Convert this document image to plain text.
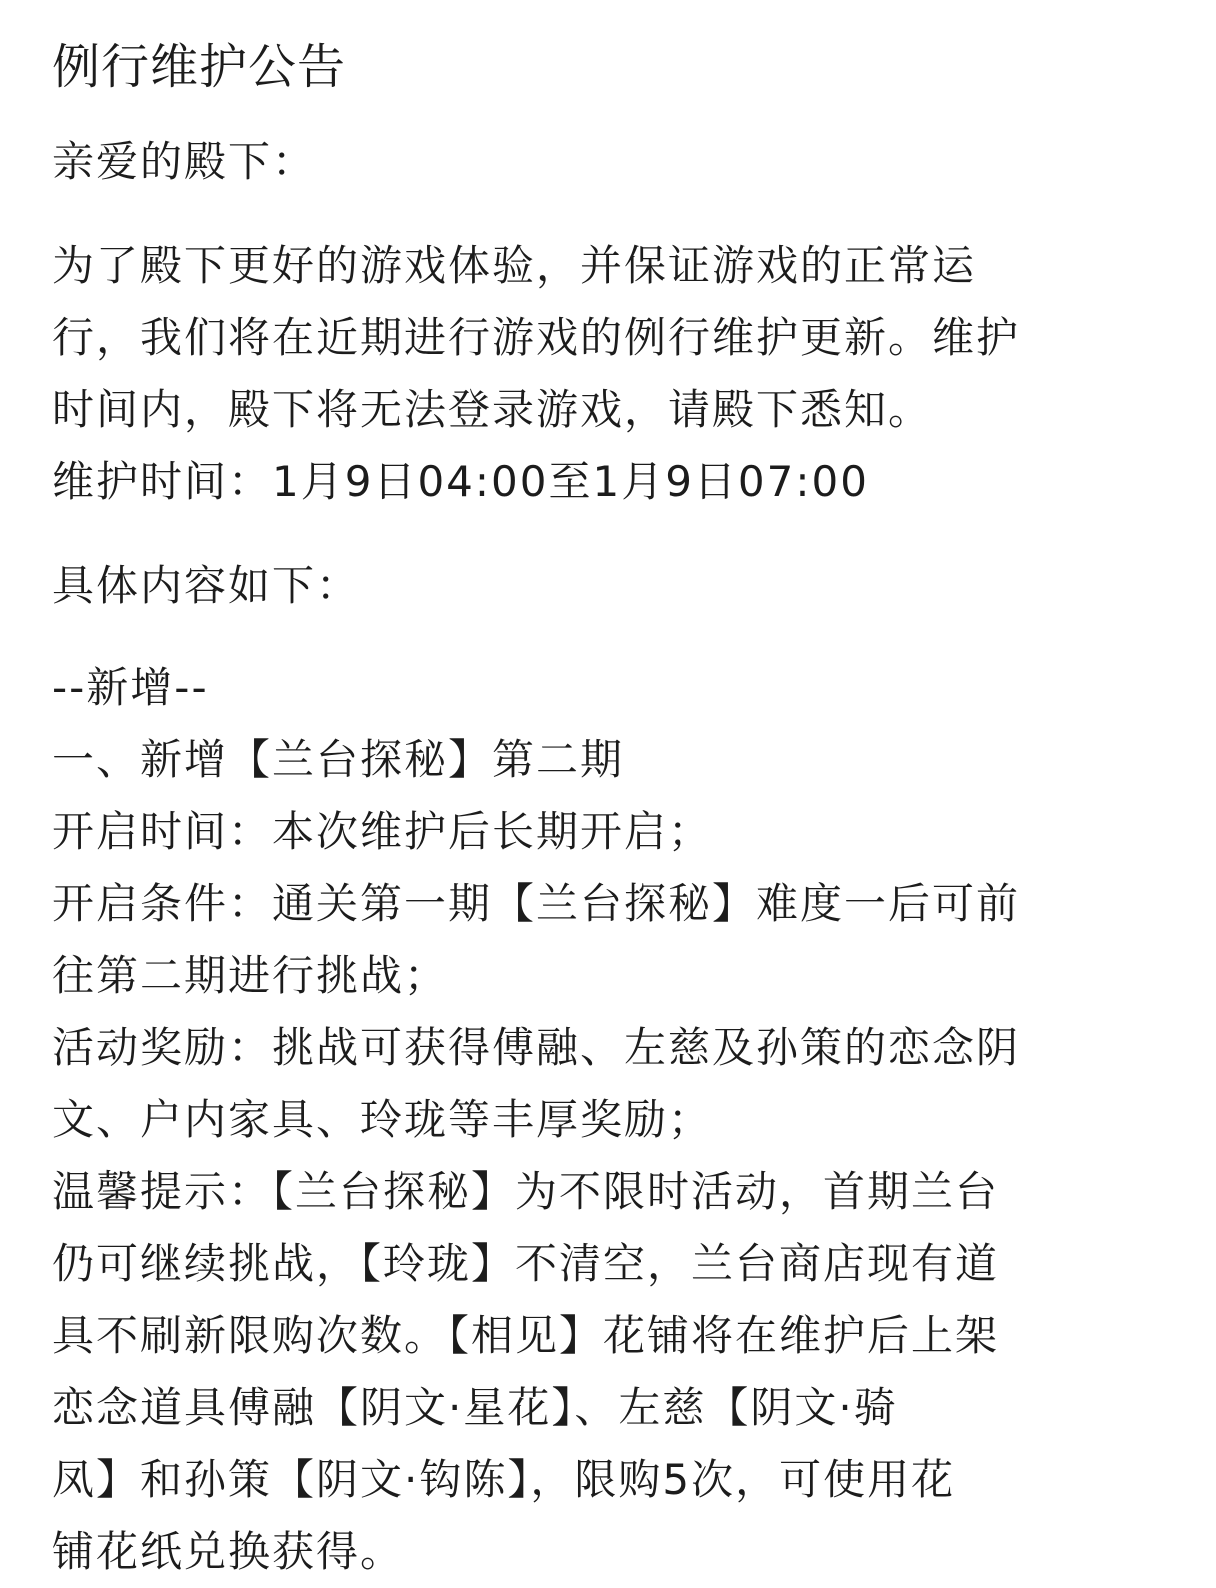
例行维护公告

亲爱的殿下：

为了殿下更好的游戏体验，并保证游戏的正常运

行，我们将在近期进行游戏的例行维护更新。维护

时间内，殿下将无法登录游戏，请殿下悉知。

维护时间：1月9日04:00至1月9日07:00

具体内容如下：

--新增--

一、新增【兰台探秘】第二期

开启时间：本次维护后长期开启；

开启条件：通关第一期【兰台探秘】难度一后可前

往第二期进行挑战；

活动奖励：挑战可获得傅融、左慈及孙策的恋念阴

文、户内家具、玲珑等丰厚奖励；

温馨提示：【兰台探秘】为不限时活动，首期兰台

仍可继续挑战，【玲珑】不清空，兰台商店现有道

具不刷新限购次数。【相见】花铺将在维护后上架

恋念道具傅融【阴文·星花】、左慈【阴文·骑

凤】和孙策【阴文·钩陈】，限购5次，可使用花

铺花纸兑换获得。
